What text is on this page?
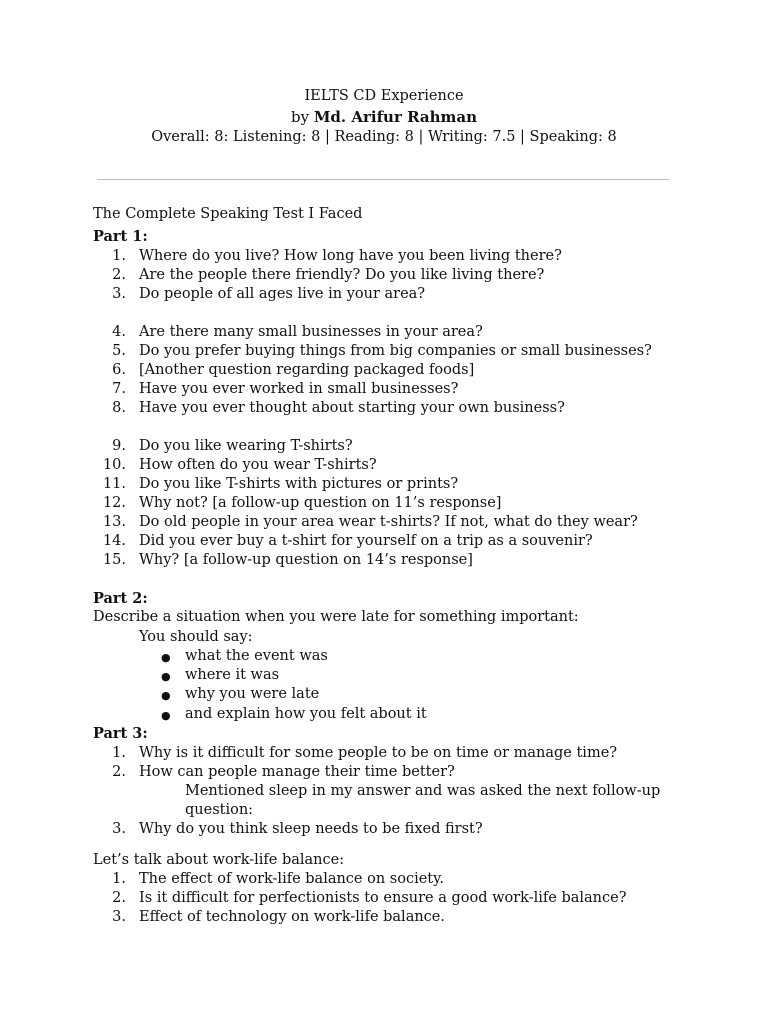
IELTS CD Experience
by Md. Arifur Rahman
Overall: 8: Listening: 8 | Reading: 8 | Writing: 7.5 | Speaking: 8
The Complete Speaking Test I Faced
Part 1:
1. Where do you live? How long have you been living there?
2. Are the people there friendly? Do you like living there?
3. Do people of all ages live in your area?
4. Are there many small businesses in your area?
5. Do you prefer buying things from big companies or small businesses?
6. [Another question regarding packaged foods]
7. Have you ever worked in small businesses?
8. Have you ever thought about starting your own business?
9. Do you like wearing T-shirts?
10. How often do you wear T-shirts?
11. Do you like T-shirts with pictures or prints?
12. Why not? [a follow-up question on 11’s response]
13. Do old people in your area wear t-shirts? If not, what do they wear?
14. Did you ever buy a t-shirt for yourself on a trip as a souvenir?
15. Why? [a follow-up question on 14’s response]
Part 2:
Describe a situation when you were late for something important:
You should say:
● what the event was
● where it was
● why you were late
● and explain how you felt about it
Part 3:
1. Why is it difficult for some people to be on time or manage time?
2. How can people manage their time better?
Mentioned sleep in my answer and was asked the next follow-up
question:
3. Why do you think sleep needs to be fixed first?
Let’s talk about work-life balance:
1. The effect of work-life balance on society.
2. Is it difficult for perfectionists to ensure a good work-life balance?
3. Effect of technology on work-life balance.
